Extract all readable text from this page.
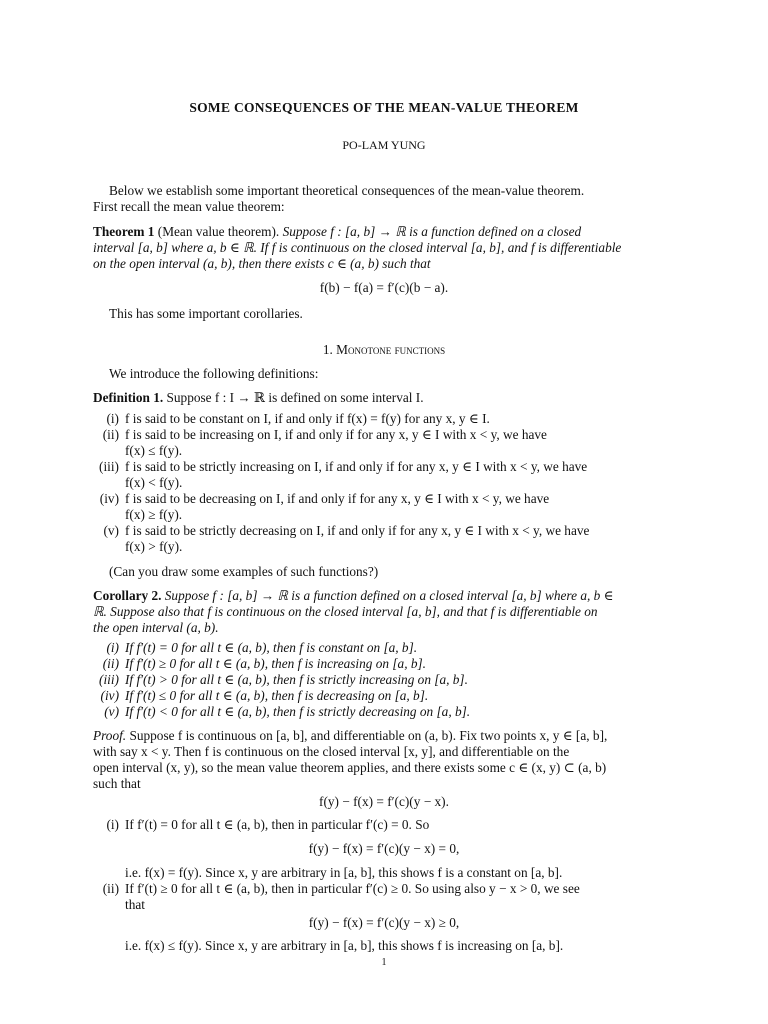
SOME CONSEQUENCES OF THE MEAN-VALUE THEOREM
PO-LAM YUNG
Below we establish some important theoretical consequences of the mean-value theorem.
First recall the mean value theorem:
Theorem 1 (Mean value theorem). Suppose f : [a, b] → ℝ is a function defined on a closed
interval [a, b] where a, b ∈ ℝ. If f is continuous on the closed interval [a, b], and f is differentiable
on the open interval (a, b), then there exists c ∈ (a, b) such that
f(b) − f(a) = f′(c)(b − a).
This has some important corollaries.
1. Monotone functions
We introduce the following definitions:
Definition 1. Suppose f : I → ℝ is defined on some interval I.
(i) f is said to be constant on I, if and only if f(x) = f(y) for any x, y ∈ I.
(ii) f is said to be increasing on I, if and only if for any x, y ∈ I with x < y, we have
f(x) ≤ f(y).
(iii) f is said to be strictly increasing on I, if and only if for any x, y ∈ I with x < y, we have
f(x) < f(y).
(iv) f is said to be decreasing on I, if and only if for any x, y ∈ I with x < y, we have
f(x) ≥ f(y).
(v) f is said to be strictly decreasing on I, if and only if for any x, y ∈ I with x < y, we have
f(x) > f(y).
(Can you draw some examples of such functions?)
Corollary 2. Suppose f : [a, b] → ℝ is a function defined on a closed interval [a, b] where a, b ∈
ℝ. Suppose also that f is continuous on the closed interval [a, b], and that f is differentiable on
the open interval (a, b).
(i) If f′(t) = 0 for all t ∈ (a, b), then f is constant on [a, b].
(ii) If f′(t) ≥ 0 for all t ∈ (a, b), then f is increasing on [a, b].
(iii) If f′(t) > 0 for all t ∈ (a, b), then f is strictly increasing on [a, b].
(iv) If f′(t) ≤ 0 for all t ∈ (a, b), then f is decreasing on [a, b].
(v) If f′(t) < 0 for all t ∈ (a, b), then f is strictly decreasing on [a, b].
Proof. Suppose f is continuous on [a, b], and differentiable on (a, b). Fix two points x, y ∈ [a, b],
with say x < y. Then f is continuous on the closed interval [x, y], and differentiable on the
open interval (x, y), so the mean value theorem applies, and there exists some c ∈ (x, y) ⊂ (a, b)
such that
f(y) − f(x) = f′(c)(y − x).
(i) If f′(t) = 0 for all t ∈ (a, b), then in particular f′(c) = 0. So
f(y) − f(x) = f′(c)(y − x) = 0,
i.e. f(x) = f(y). Since x, y are arbitrary in [a, b], this shows f is a constant on [a, b].
(ii) If f′(t) ≥ 0 for all t ∈ (a, b), then in particular f′(c) ≥ 0. So using also y − x > 0, we see
that
f(y) − f(x) = f′(c)(y − x) ≥ 0,
i.e. f(x) ≤ f(y). Since x, y are arbitrary in [a, b], this shows f is increasing on [a, b].
1
